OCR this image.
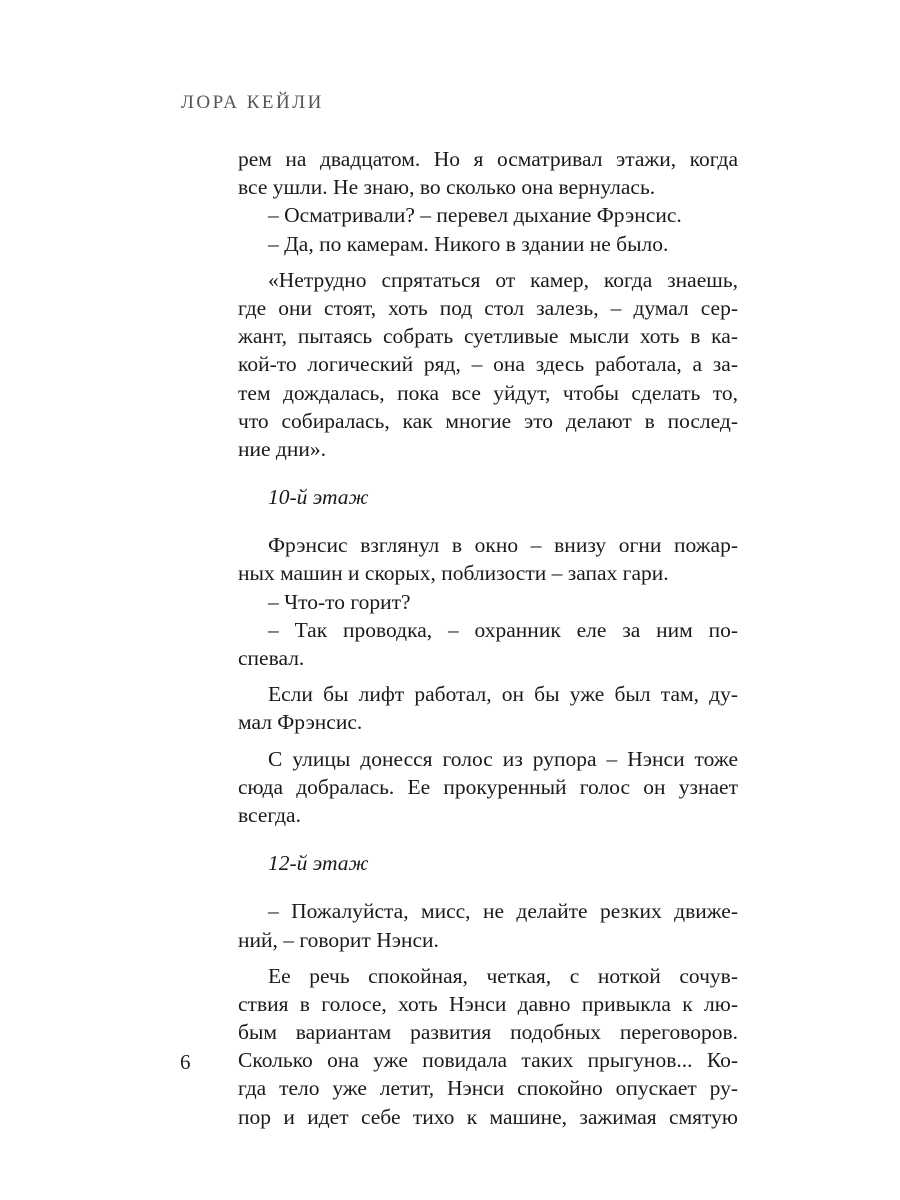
ЛОРА КЕЙЛИ
рем на двадцатом. Но я осматривал этажи, когда
все ушли. Не знаю, во сколько она вернулась.
– Осматривали? – перевел дыхание Фрэнсис.
– Да, по камерам. Никого в здании не было.
«Нетрудно спрятаться от камер, когда знаешь,
где они стоят, хоть под стол залезь, – думал сер-
жант, пытаясь собрать суетливые мысли хоть в ка-
кой-то логический ряд, – она здесь работала, а за-
тем дождалась, пока все уйдут, чтобы сделать то,
что собиралась, как многие это делают в послед-
ние дни».
10-й этаж
Фрэнсис взглянул в окно – внизу огни пожар-
ных машин и скорых, поблизости – запах гари.
– Что-то горит?
– Так проводка, – охранник еле за ним по-
спевал.
Если бы лифт работал, он бы уже был там, ду-
мал Фрэнсис.
С улицы донесся голос из рупора – Нэнси тоже
сюда добралась. Ее прокуренный голос он узнает
всегда.
12-й этаж
– Пожалуйста, мисс, не делайте резких движе-
ний, – говорит Нэнси.
Ее речь спокойная, четкая, с ноткой сочув-
ствия в голосе, хоть Нэнси давно привыкла к лю-
бым вариантам развития подобных переговоров.
Сколько она уже повидала таких прыгунов... Ко-
гда тело уже летит, Нэнси спокойно опускает ру-
пор и идет себе тихо к машине, зажимая смятую
6
